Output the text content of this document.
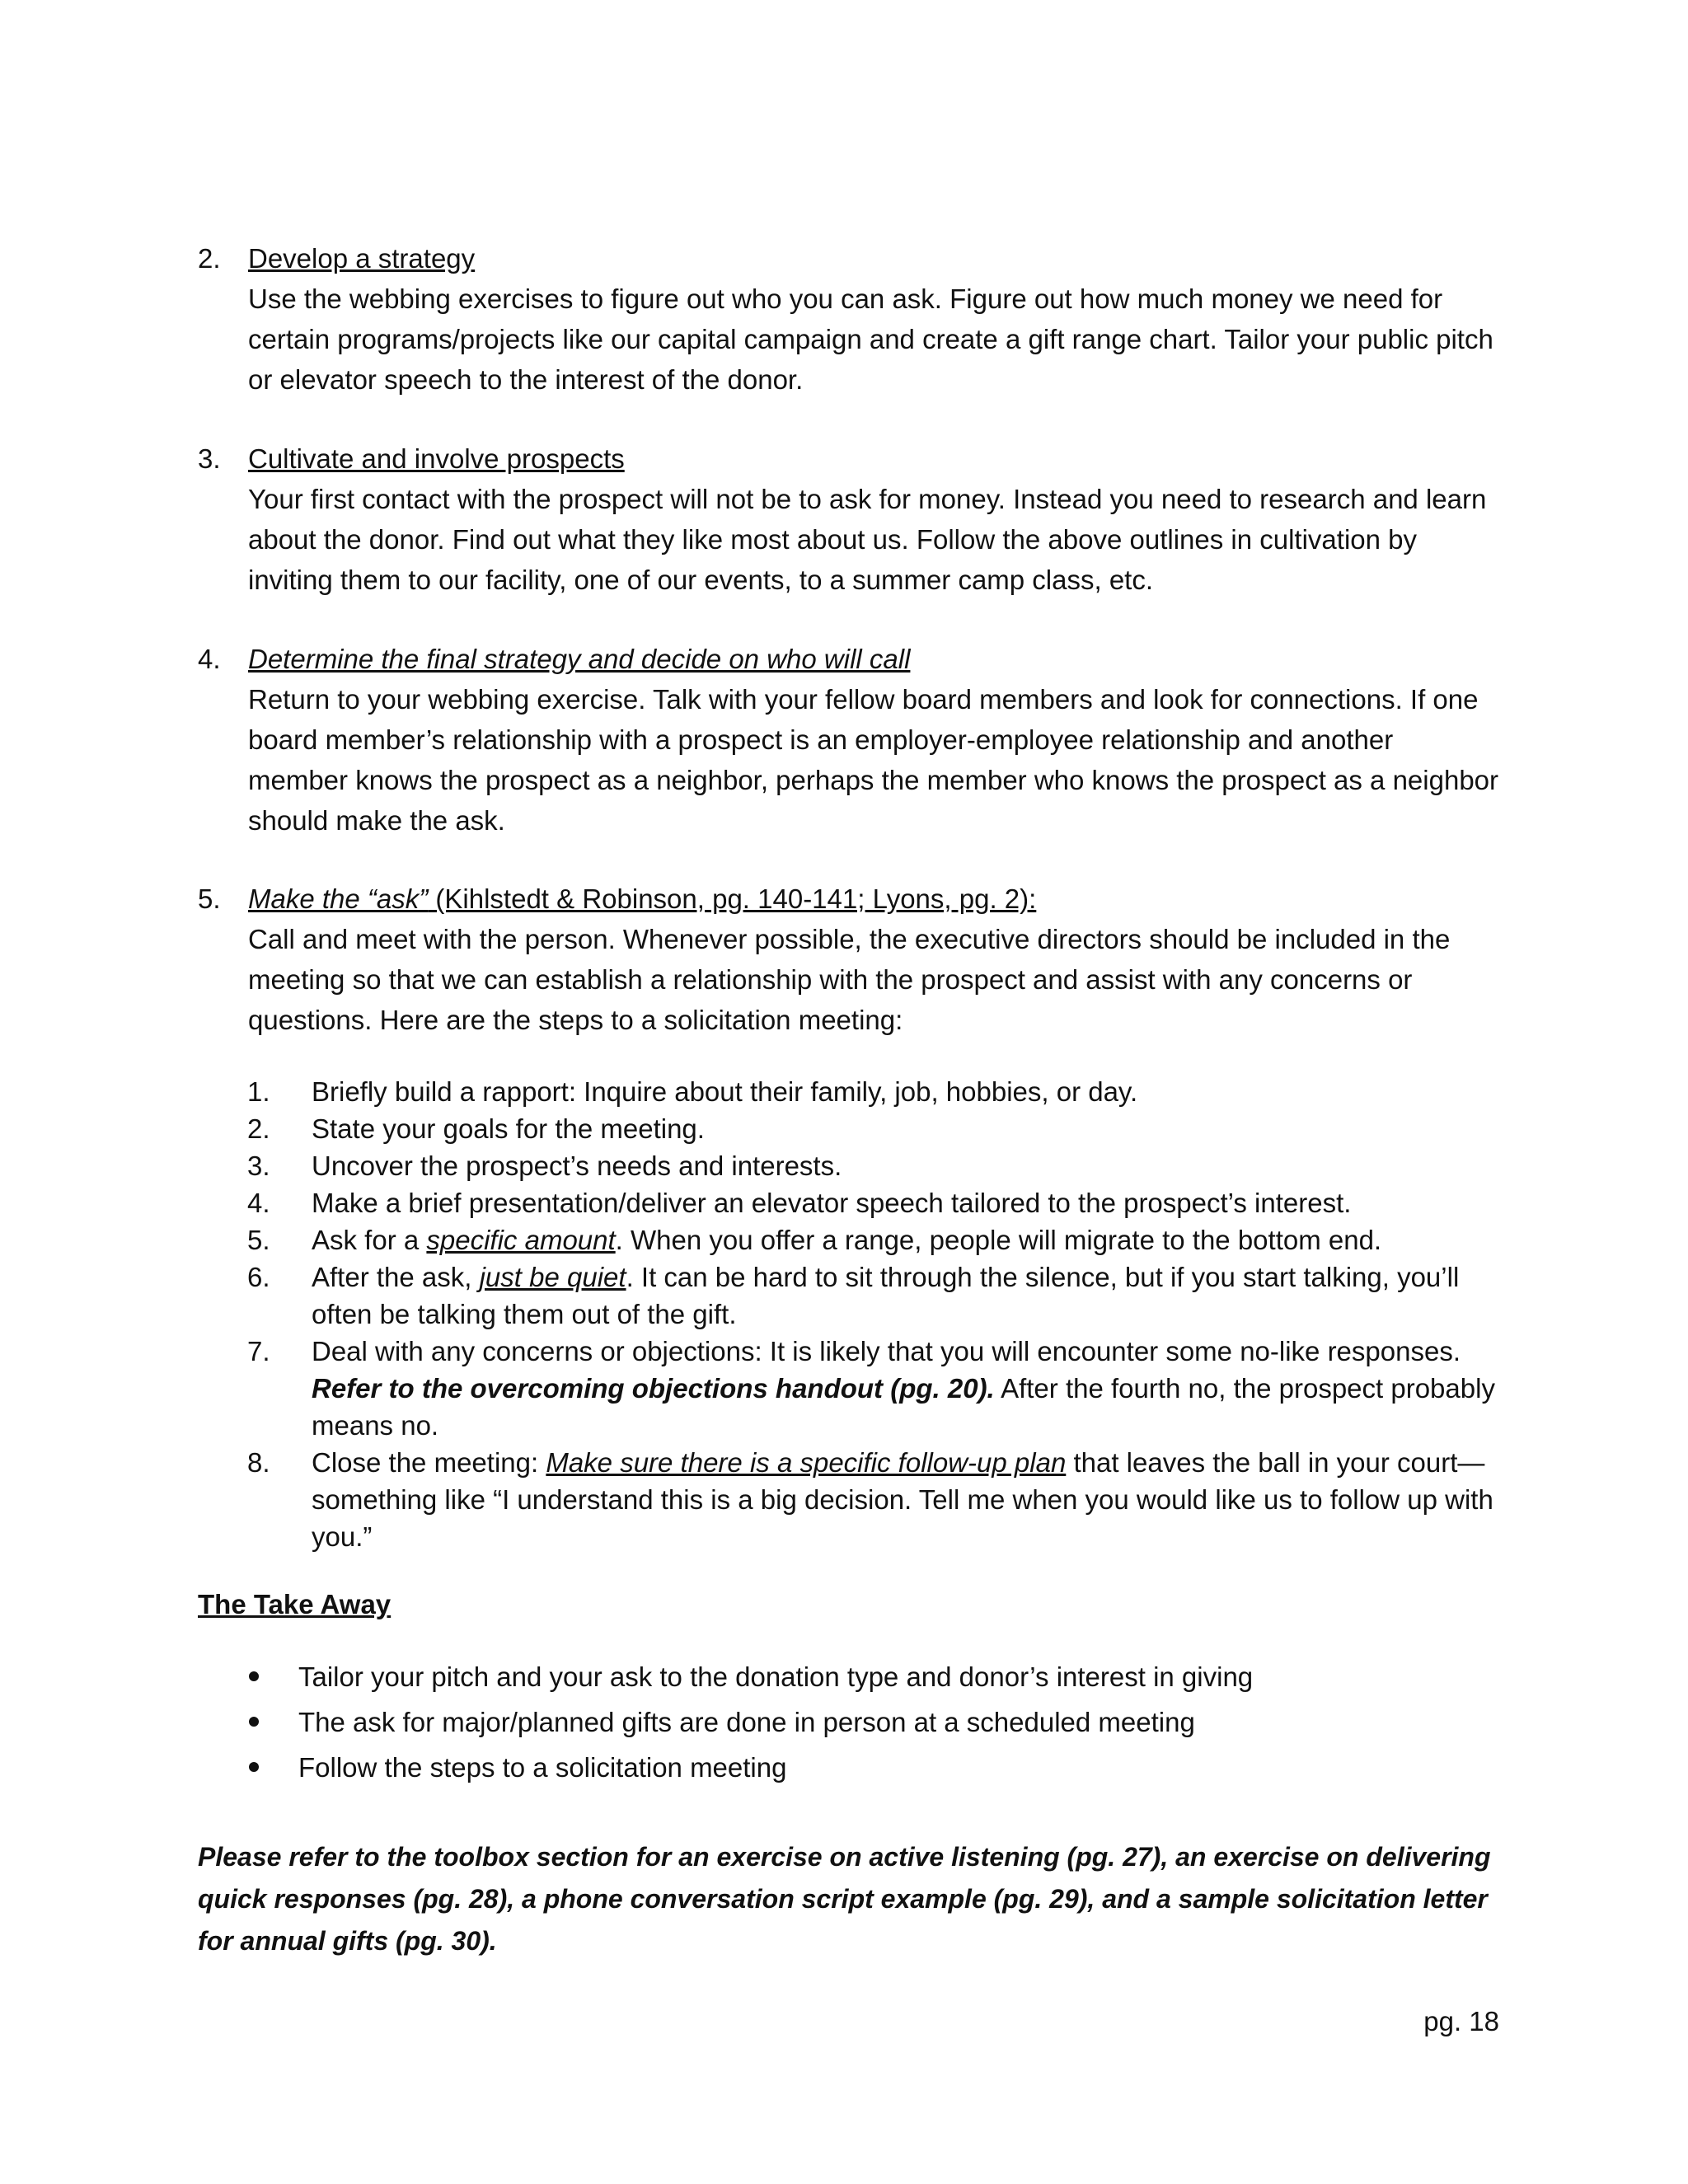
2. Develop a strategy
Use the webbing exercises to figure out who you can ask. Figure out how much money we need for certain programs/projects like our capital campaign and create a gift range chart. Tailor your public pitch or elevator speech to the interest of the donor.
3. Cultivate and involve prospects
Your first contact with the prospect will not be to ask for money. Instead you need to research and learn about the donor. Find out what they like most about us. Follow the above outlines in cultivation by inviting them to our facility, one of our events, to a summer camp class, etc.
4. Determine the final strategy and decide on who will call
Return to your webbing exercise. Talk with your fellow board members and look for connections. If one board member’s relationship with a prospect is an employer-employee relationship and another member knows the prospect as a neighbor, perhaps the member who knows the prospect as a neighbor should make the ask.
5. Make the “ask” (Kihlstedt & Robinson, pg. 140-141; Lyons, pg. 2):
Call and meet with the person. Whenever possible, the executive directors should be included in the meeting so that we can establish a relationship with the prospect and assist with any concerns or questions. Here are the steps to a solicitation meeting:
1. Briefly build a rapport: Inquire about their family, job, hobbies, or day.
2. State your goals for the meeting.
3. Uncover the prospect’s needs and interests.
4. Make a brief presentation/deliver an elevator speech tailored to the prospect’s interest.
5. Ask for a specific amount. When you offer a range, people will migrate to the bottom end.
6. After the ask, just be quiet. It can be hard to sit through the silence, but if you start talking, you’ll often be talking them out of the gift.
7. Deal with any concerns or objections: It is likely that you will encounter some no-like responses. Refer to the overcoming objections handout (pg. 20). After the fourth no, the prospect probably means no.
8. Close the meeting: Make sure there is a specific follow-up plan that leaves the ball in your court—something like “I understand this is a big decision. Tell me when you would like us to follow up with you.”
The Take Away
Tailor your pitch and your ask to the donation type and donor’s interest in giving
The ask for major/planned gifts are done in person at a scheduled meeting
Follow the steps to a solicitation meeting
Please refer to the toolbox section for an exercise on active listening (pg. 27), an exercise on delivering quick responses (pg. 28), a phone conversation script example (pg. 29), and a sample solicitation letter for annual gifts (pg. 30).
pg. 18
